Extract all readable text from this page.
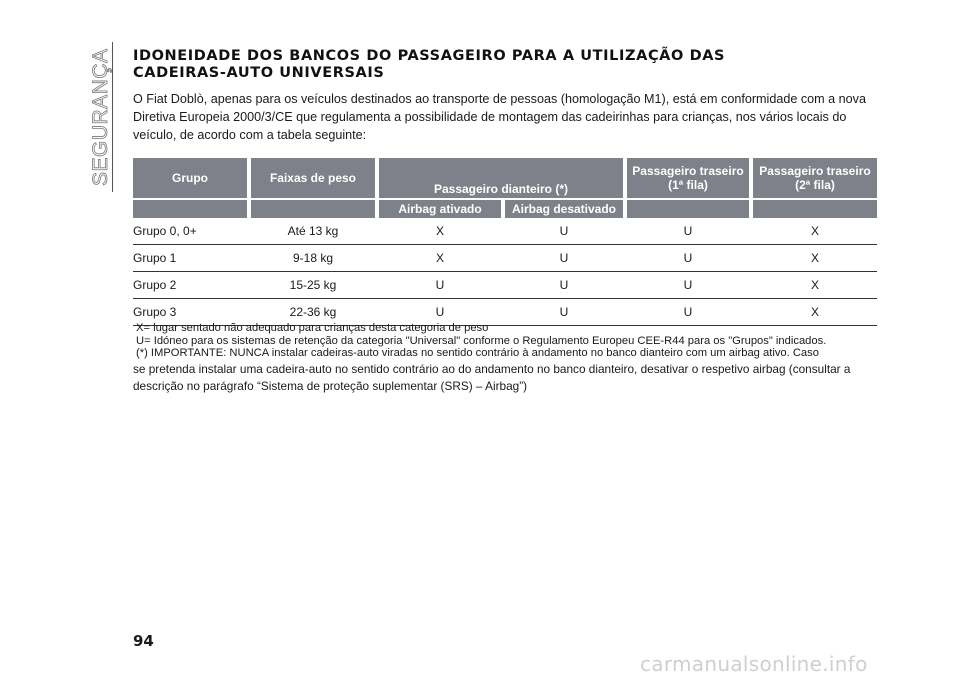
SEGURANÇA IDONEIDADE DOS BANCOS DO PASSAGEIRO PARA A UTILIZAÇÃO DAS
CADEIRAS-AUTO UNIVERSAIS
O Fiat Doblò, apenas para os veículos destinados ao transporte de pessoas (homologação M1), está em conformidade com a nova Diretiva Europeia 2000/3/CE que regulamenta a possibilidade de montagem das cadeirinhas para crianças, nos vários locais do veículo, de acordo com a tabela seguinte:
Grupo		Faixas de peso		Passageiro dianteiro (*)				Passageiro traseiro (1ª fila)		Passageiro traseiro (2ª fila)
				Airbag ativado		Airbag desativado				
Grupo 0, 0+		Até 13 kg		X		U		U		X
Grupo 1		9-18 kg		X		U		U		X
Grupo 2		15-25 kg		U		U		U		X
Grupo 3		22-36 kg		U		U		U		X

X= lugar sentado não adequado para crianças desta categoria de peso

U= Idóneo para os sistemas de retenção da categoria "Universal" conforme o Regulamento Europeu CEE-R44 para os "Grupos" indicados.

(*) IMPORTANTE: NUNCA instalar cadeiras-auto viradas no sentido contrário à andamento no banco dianteiro com um airbag ativo. Caso

se pretenda instalar uma cadeira-auto no sentido contrário ao do andamento no banco dianteiro, desativar o respetivo airbag (consultar a descrição no parágrafo “Sistema de proteção suplementar (SRS) – Airbag”)

94
carmanualsonline.info
